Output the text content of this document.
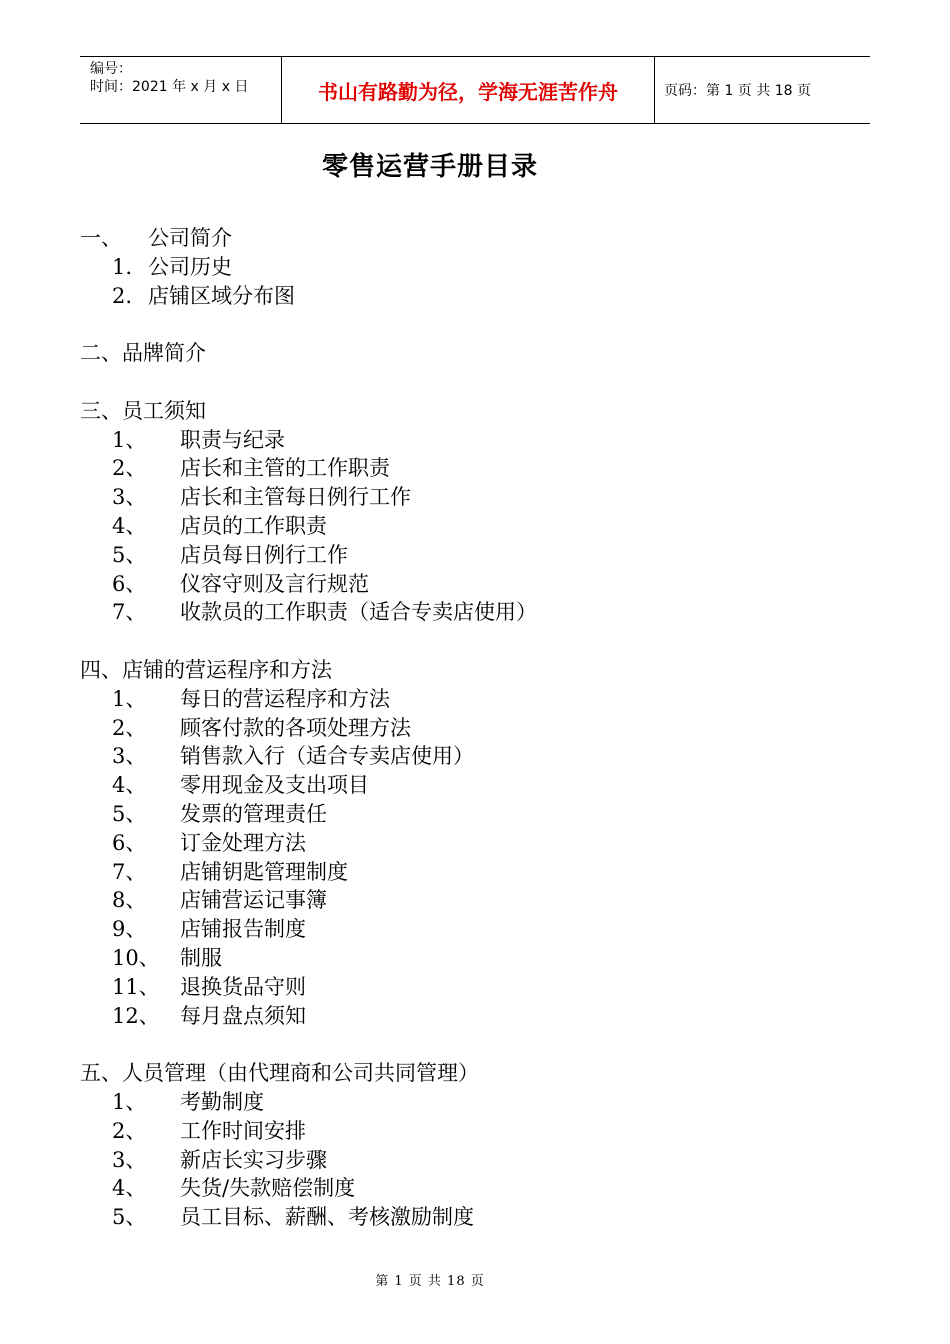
编号：
时间：2021 年 x 月 x 日	书山有路勤为径，学海无涯苦作舟	页码：第 1 页 共 18 页
零售运营手册目录
一、 公司简介
1. 公司历史
2. 店铺区域分布图
二、品牌简介
三、员工须知
1、 职责与纪录
2、 店长和主管的工作职责
3、 店长和主管每日例行工作
4、 店员的工作职责
5、 店员每日例行工作
6、 仪容守则及言行规范
7、 收款员的工作职责（适合专卖店使用）
四、店铺的营运程序和方法
1、 每日的营运程序和方法
2、 顾客付款的各项处理方法
3、 销售款入行（适合专卖店使用）
4、 零用现金及支出项目
5、 发票的管理责任
6、 订金处理方法
7、 店铺钥匙管理制度
8、 店铺营运记事簿
9、 店铺报告制度
10、 制服
11、 退换货品守则
12、 每月盘点须知
五、人员管理（由代理商和公司共同管理）
1、 考勤制度
2、 工作时间安排
3、 新店长实习步骤
4、 失货/失款赔偿制度
5、 员工目标、薪酬、考核激励制度
第 1 页 共 18 页
